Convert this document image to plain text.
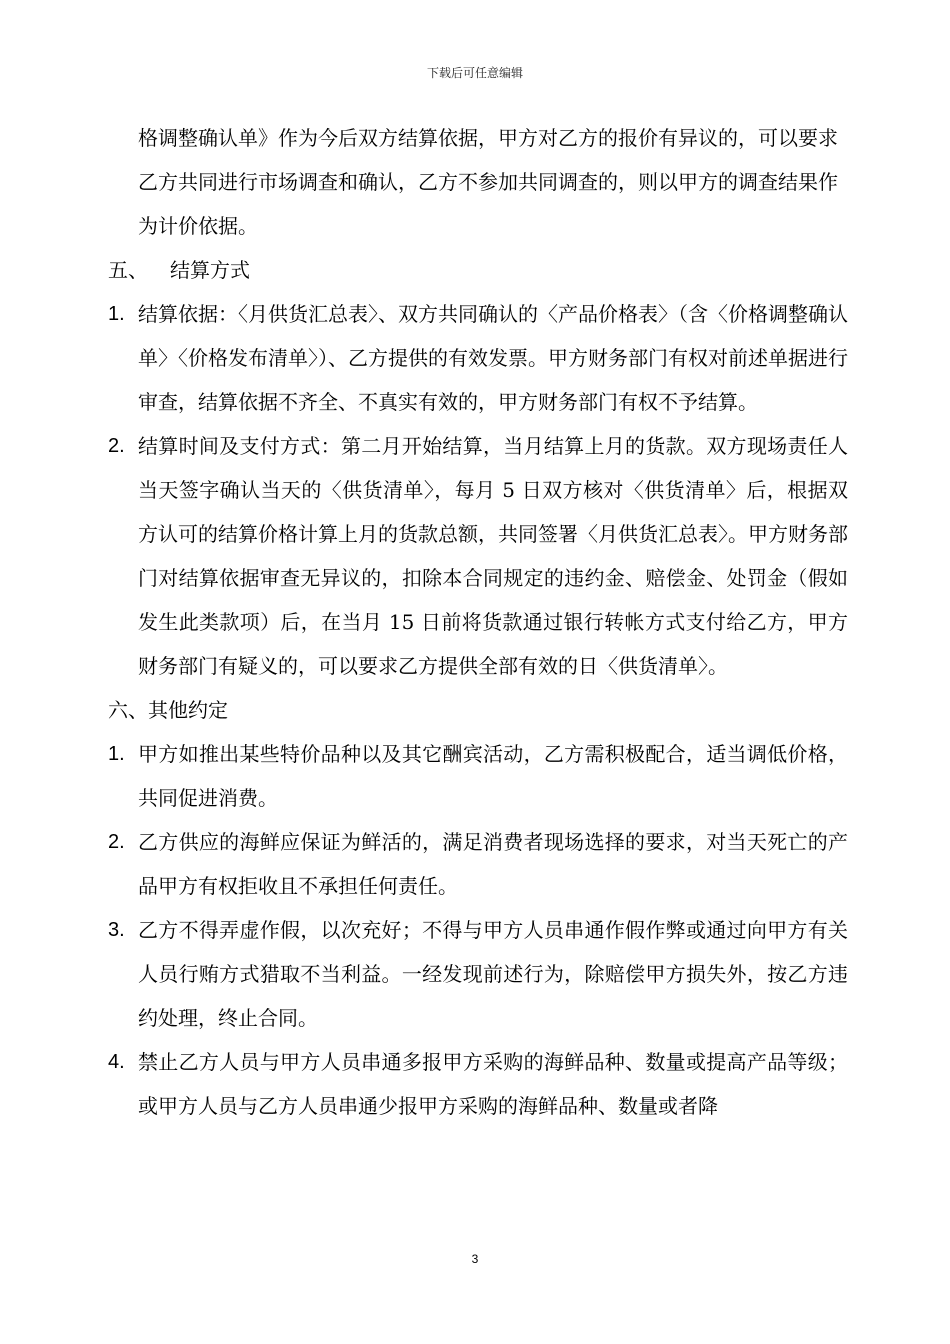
下载后可任意编辑

格调整确认单》作为今后双方结算依据，甲方对乙方的报价有异议的，可以要求乙方共同进行市场调查和确认，乙方不参加共同调查的，则以甲方的调查结果作为计价依据。

五、 结算方式

1. 结算依据：〈月供货汇总表〉、双方共同确认的〈产品价格表〉（含〈价格调整确认单〉〈价格发布清单〉）、乙方提供的有效发票。甲方财务部门有权对前述单据进行审查，结算依据不齐全、不真实有效的，甲方财务部门有权不予结算。
2. 结算时间及支付方式：第二月开始结算，当月结算上月的货款。双方现场责任人当天签字确认当天的〈供货清单〉，每月 5 日双方核对〈供货清单〉后，根据双方认可的结算价格计算上月的货款总额，共同签署〈月供货汇总表〉。甲方财务部门对结算依据审查无异议的，扣除本合同规定的违约金、赔偿金、处罚金（假如发生此类款项）后，在当月 15 日前将货款通过银行转帐方式支付给乙方，甲方财务部门有疑义的，可以要求乙方提供全部有效的日〈供货清单〉。

六、其他约定

1. 甲方如推出某些特价品种以及其它酬宾活动，乙方需积极配合，适当调低价格，共同促进消费。
2. 乙方供应的海鲜应保证为鲜活的，满足消费者现场选择的要求，对当天死亡的产品甲方有权拒收且不承担任何责任。
3. 乙方不得弄虚作假，以次充好；不得与甲方人员串通作假作弊或通过向甲方有关人员行贿方式猎取不当利益。一经发现前述行为，除赔偿甲方损失外，按乙方违约处理，终止合同。
4. 禁止乙方人员与甲方人员串通多报甲方采购的海鲜品种、数量或提高产品等级；或甲方人员与乙方人员串通少报甲方采购的海鲜品种、数量或者降
3
